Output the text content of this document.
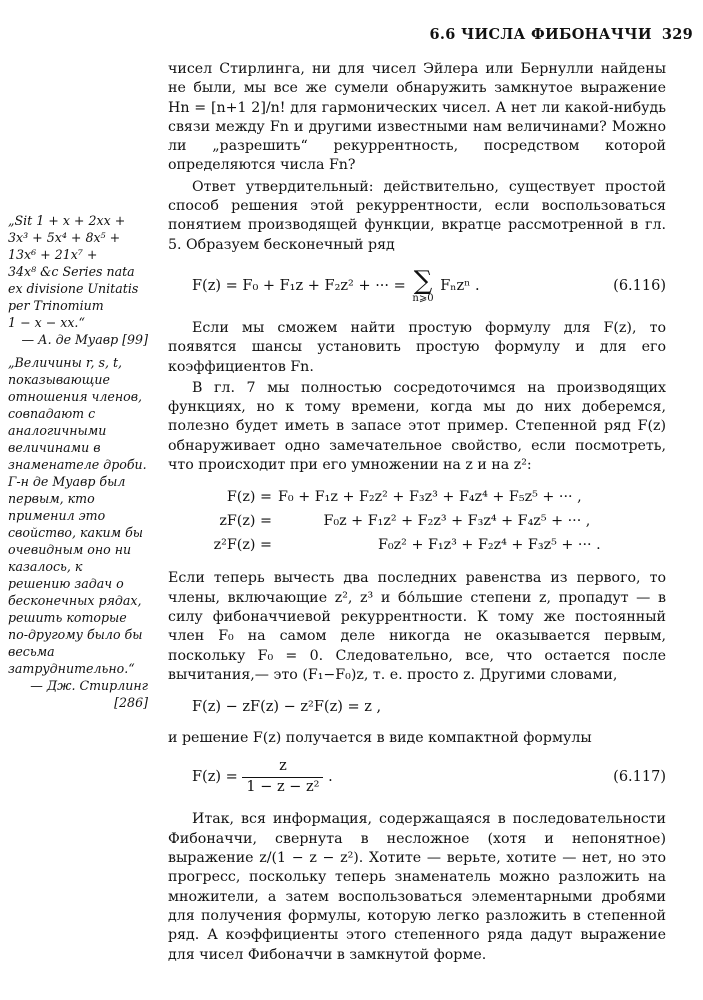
6.6 ЧИСЛА ФИБОНАЧЧИ 329

чисел Стирлинга, ни для чисел Эйлера или Бернулли найдены не были, мы все же сумели обнаружить замкнутое выражение Hn = [n+1 2]/n! для гармонических чисел. А нет ли какой-нибудь связи между Fn и другими известными нам величинами? Можно ли „разрешить“ рекуррентность, посредством которой определяются числа Fn?

Ответ утвердительный: действительно, существует простой способ решения этой рекуррентности, если воспользоваться понятием производящей функции, вкратце рассмотренной в гл. 5. Образуем бесконечный ряд

F(z) = F₀ + F₁z + F₂z² + ··· = ∑
n⩾0
Fₙzⁿ .	(6.116)

Если мы сможем найти простую формулу для F(z), то появятся шансы установить простую формулу и для его коэффициентов Fn.

В гл. 7 мы полностью сосредоточимся на производящих функциях, но к тому времени, когда мы до них доберемся, полезно будет иметь в запасе этот пример. Степенной ряд F(z) обнаруживает одно замечательное свойство, если посмотреть, что происходит при его умножении на z и на z²:

F(z) = F₀ + F₁z + F₂z² + F₃z³ + F₄z⁴ + F₅z⁵ + ··· ,
zF(z) = F₀z + F₁z² + F₂z³ + F₃z⁴ + F₄z⁵ + ··· ,
z²F(z) = F₀z² + F₁z³ + F₂z⁴ + F₃z⁵ + ··· .

Если теперь вычесть два последних равенства из первого, то члены, включающие z², z³ и бо́льшие степени z, пропадут — в силу фибоначчиевой рекуррентности. К тому же постоянный член F₀ на самом деле никогда не оказывается первым, поскольку F₀ = 0. Следовательно, все, что остается после вычитания,— это (F₁−F₀)z, т. е. просто z. Другими словами,

F(z) − zF(z) − z²F(z) = z ,

и решение F(z) получается в виде компактной формулы

$F(z) = \frac{z}{\text{1 − z − z²}}$ .	(6.117)

Итак, вся информация, содержащаяся в последовательности Фибоначчи, свернута в несложное (хотя и непонятное) выражение z/(1 − z − z²). Хотите — верьте, хотите — нет, но это прогресс, поскольку теперь знаменатель можно разложить на множители, а затем воспользоваться элементарными дробями для получения формулы, которую легко разложить в степенной ряд. А коэффициенты этого степенного ряда дадут выражение для чисел Фибоначчи в замкнутой форме.

„Sit 1 + x + 2xx +

3x³ + 5x⁴ + 8x⁵ +

13x⁶ + 21x⁷ +

34x⁸ &c Series nata

ex divisione Unitatis

per Trinomium

1 − x − xx.“

— А. де Муавр [99]

„Величины r, s, t, показывающие отношения членов, совпадают с аналогичными величинами в знаменателе дроби. Г-н де Муавр был первым, кто применил это свойство, каким бы очевидным оно ни казалось, к решению задач о бесконечных рядах, решить которые по-другому было бы весьма затруднительно.“

— Дж. Стирлинг

[286]
